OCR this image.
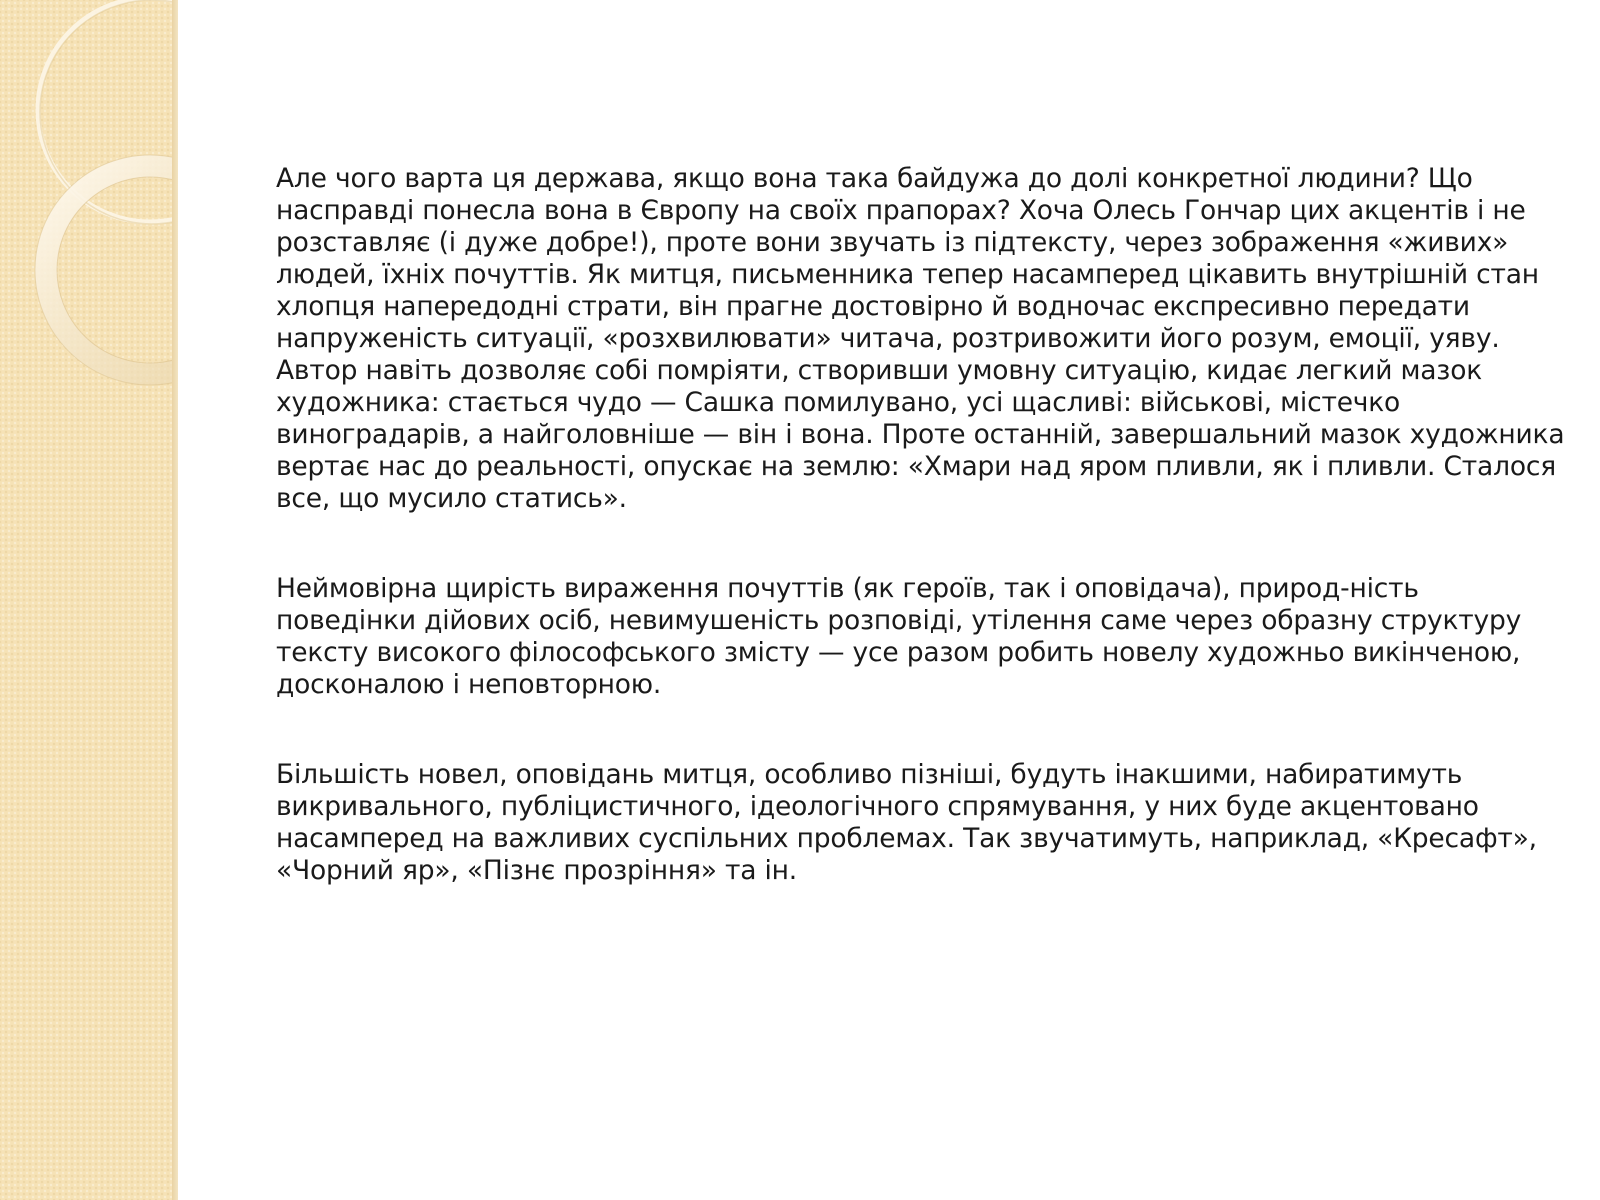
Але чого варта ця держава, якщо вона така байдужа до долі конкретної людини? Що насправді понесла вона в Європу на своїх прапорах? Хоча Олесь Гончар цих акцентів і не розставляє (і дуже добре!), проте вони звучать із підтексту, через зображення «живих» людей, їхніх почуттів. Як митця, письменника тепер насамперед цікавить внутрішній стан хлопця напередодні страти, він прагне достовірно й водночас експресивно передати напруженість ситуації, «розхвилювати» читача, розтривожити його розум, емоції, уяву. Автор навіть дозволяє собі помріяти, створивши умовну ситуацію, кидає легкий мазок художника: стається чудо — Сашка помилувано, усі щасливі: військові, містечко виноградарів, а найголовніше — він і вона. Проте останній, завершальний мазок художника вертає нас до реальності, опускає на землю: «Хмари над яром пливли, як і пливли. Сталося все, що мусило статись».

Неймовірна щирість вираження почуттів (як героїв, так і оповідача), природ-ність поведінки дійових осіб, невимушеність розповіді, утілення саме через образну структуру тексту високого філософського змісту — усе разом робить новелу художньо викінченою, досконалою і неповторною.

Більшість новел, оповідань митця, особливо пізніші, будуть інакшими, набиратимуть викривального, публіцистичного, ідеологічного спрямування, у них буде акцентовано насамперед на важливих суспільних проблемах. Так звучатимуть, наприклад, «Кресафт», «Чорний яр», «Пізнє прозріння» та ін.
